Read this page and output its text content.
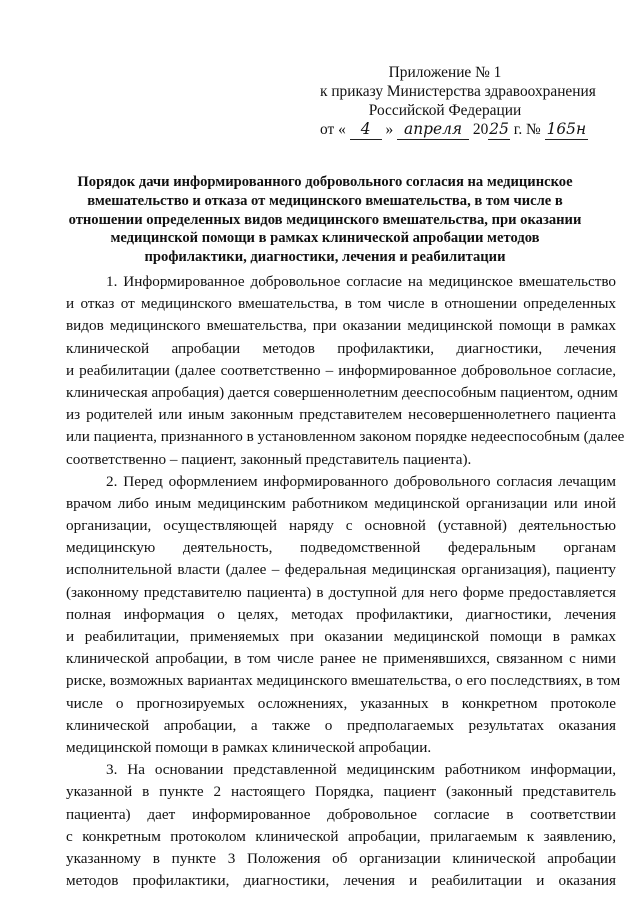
Приложение № 1
к приказу Министерства здравоохранения
Российской Федерации
от « 4 » апреля 2025 г. № 165н
Порядок дачи информированного добровольного согласия на медицинское
вмешательство и отказа от медицинского вмешательства, в том числе в
отношении определенных видов медицинского вмешательства, при оказании
медицинской помощи в рамках клинической апробации методов
профилактики, диагностики, лечения и реабилитации
1. Информированное добровольное согласие на медицинское вмешательство
и отказ от медицинского вмешательства, в том числе в отношении определенных
видов медицинского вмешательства, при оказании медицинской помощи в рамках
клинической апробации методов профилактики, диагностики, лечения
и реабилитации (далее соответственно – информированное добровольное согласие,
клиническая апробация) дается совершеннолетним дееспособным пациентом, одним
из родителей или иным законным представителем несовершеннолетнего пациента
или пациента, признанного в установленном законом порядке недееспособным (далее
соответственно – пациент, законный представитель пациента).
2. Перед оформлением информированного добровольного согласия лечащим
врачом либо иным медицинским работником медицинской организации или иной
организации, осуществляющей наряду с основной (уставной) деятельностью
медицинскую деятельность, подведомственной федеральным органам
исполнительной власти (далее – федеральная медицинская организация), пациенту
(законному представителю пациента) в доступной для него форме предоставляется
полная информация о целях, методах профилактики, диагностики, лечения
и реабилитации, применяемых при оказании медицинской помощи в рамках
клинической апробации, в том числе ранее не применявшихся, связанном с ними
риске, возможных вариантах медицинского вмешательства, о его последствиях, в том
числе о прогнозируемых осложнениях, указанных в конкретном протоколе
клинической апробации, а также о предполагаемых результатах оказания
медицинской помощи в рамках клинической апробации.
3. На основании представленной медицинским работником информации,
указанной в пункте 2 настоящего Порядка, пациент (законный представитель
пациента) дает информированное добровольное согласие в соответствии
с конкретным протоколом клинической апробации, прилагаемым к заявлению,
указанному в пункте 3 Положения об организации клинической апробации
методов профилактики, диагностики, лечения и реабилитации и оказания
